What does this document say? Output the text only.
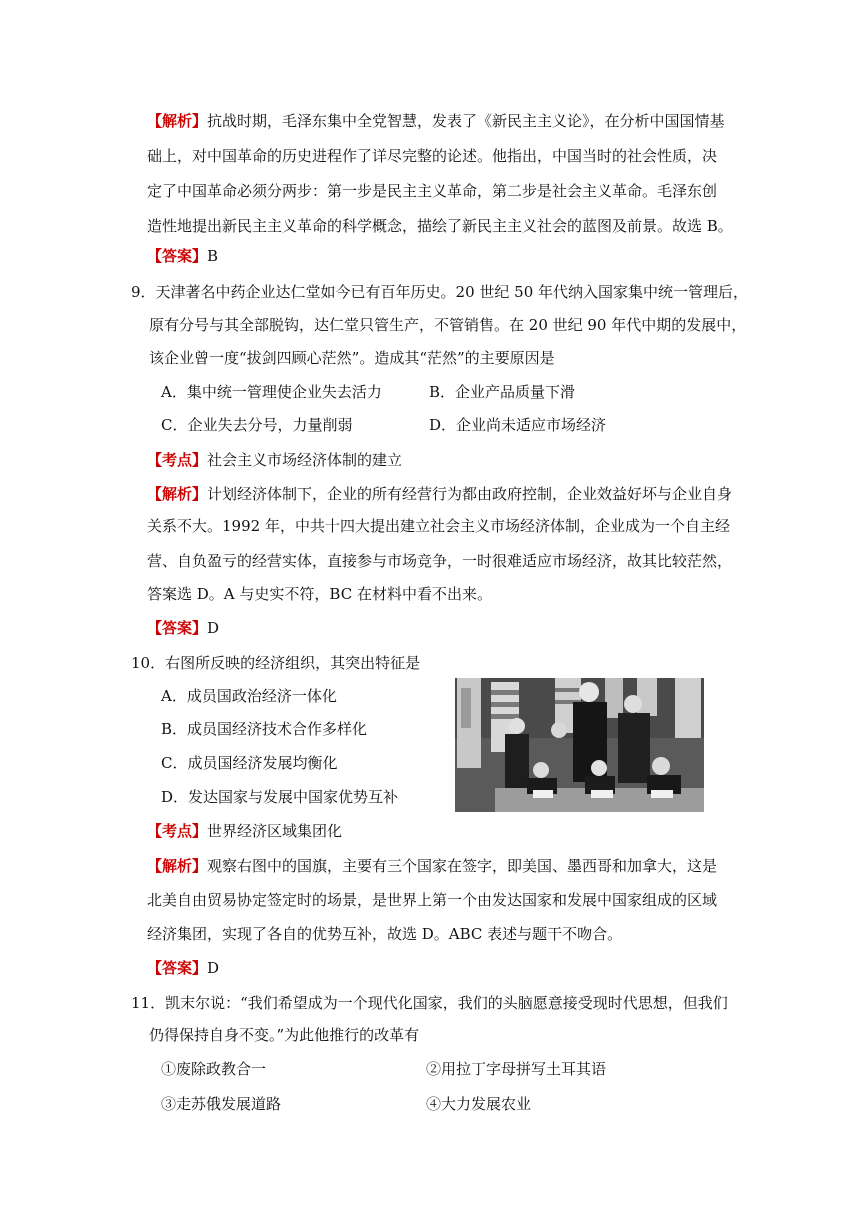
【解析】抗战时期，毛泽东集中全党智慧，发表了《新民主主义论》，在分析中国国情基
础上，对中国革命的历史进程作了详尽完整的论述。他指出，中国当时的社会性质，决
定了中国革命必须分两步：第一步是民主主义革命，第二步是社会主义革命。毛泽东创
造性地提出新民主主义革命的科学概念，描绘了新民主主义社会的蓝图及前景。故选 B。
【答案】B
9．天津著名中药企业达仁堂如今已有百年历史。20 世纪 50 年代纳入国家集中统一管理后，
原有分号与其全部脱钩，达仁堂只管生产，不管销售。在 20 世纪 90 年代中期的发展中，
该企业曾一度“拔剑四顾心茫然”。造成其“茫然”的主要原因是
A．集中统一管理使企业失去活力	B．企业产品质量下滑
C．企业失去分号，力量削弱	D．企业尚未适应市场经济
【考点】社会主义市场经济体制的建立
【解析】计划经济体制下，企业的所有经营行为都由政府控制，企业效益好坏与企业自身
关系不大。1992 年，中共十四大提出建立社会主义市场经济体制，企业成为一个自主经
营、自负盈亏的经营实体，直接参与市场竞争，一时很难适应市场经济，故其比较茫然，
答案选 D。A 与史实不符，BC 在材料中看不出来。
【答案】D
10．右图所反映的经济组织，其突出特征是
A．成员国政治经济一体化
B．成员国经济技术合作多样化
C．成员国经济发展均衡化
D．发达国家与发展中国家优势互补
【考点】世界经济区域集团化
【解析】观察右图中的国旗，主要有三个国家在签字，即美国、墨西哥和加拿大，这是
北美自由贸易协定签定时的场景，是世界上第一个由发达国家和发展中国家组成的区域
经济集团，实现了各自的优势互补，故选 D。ABC 表述与题干不吻合。
【答案】D
11．凯末尔说：“我们希望成为一个现代化国家，我们的头脑愿意接受现时代思想，但我们
仍得保持自身不变。”为此他推行的改革有
①废除政教合一	②用拉丁字母拼写土耳其语
③走苏俄发展道路	④大力发展农业
